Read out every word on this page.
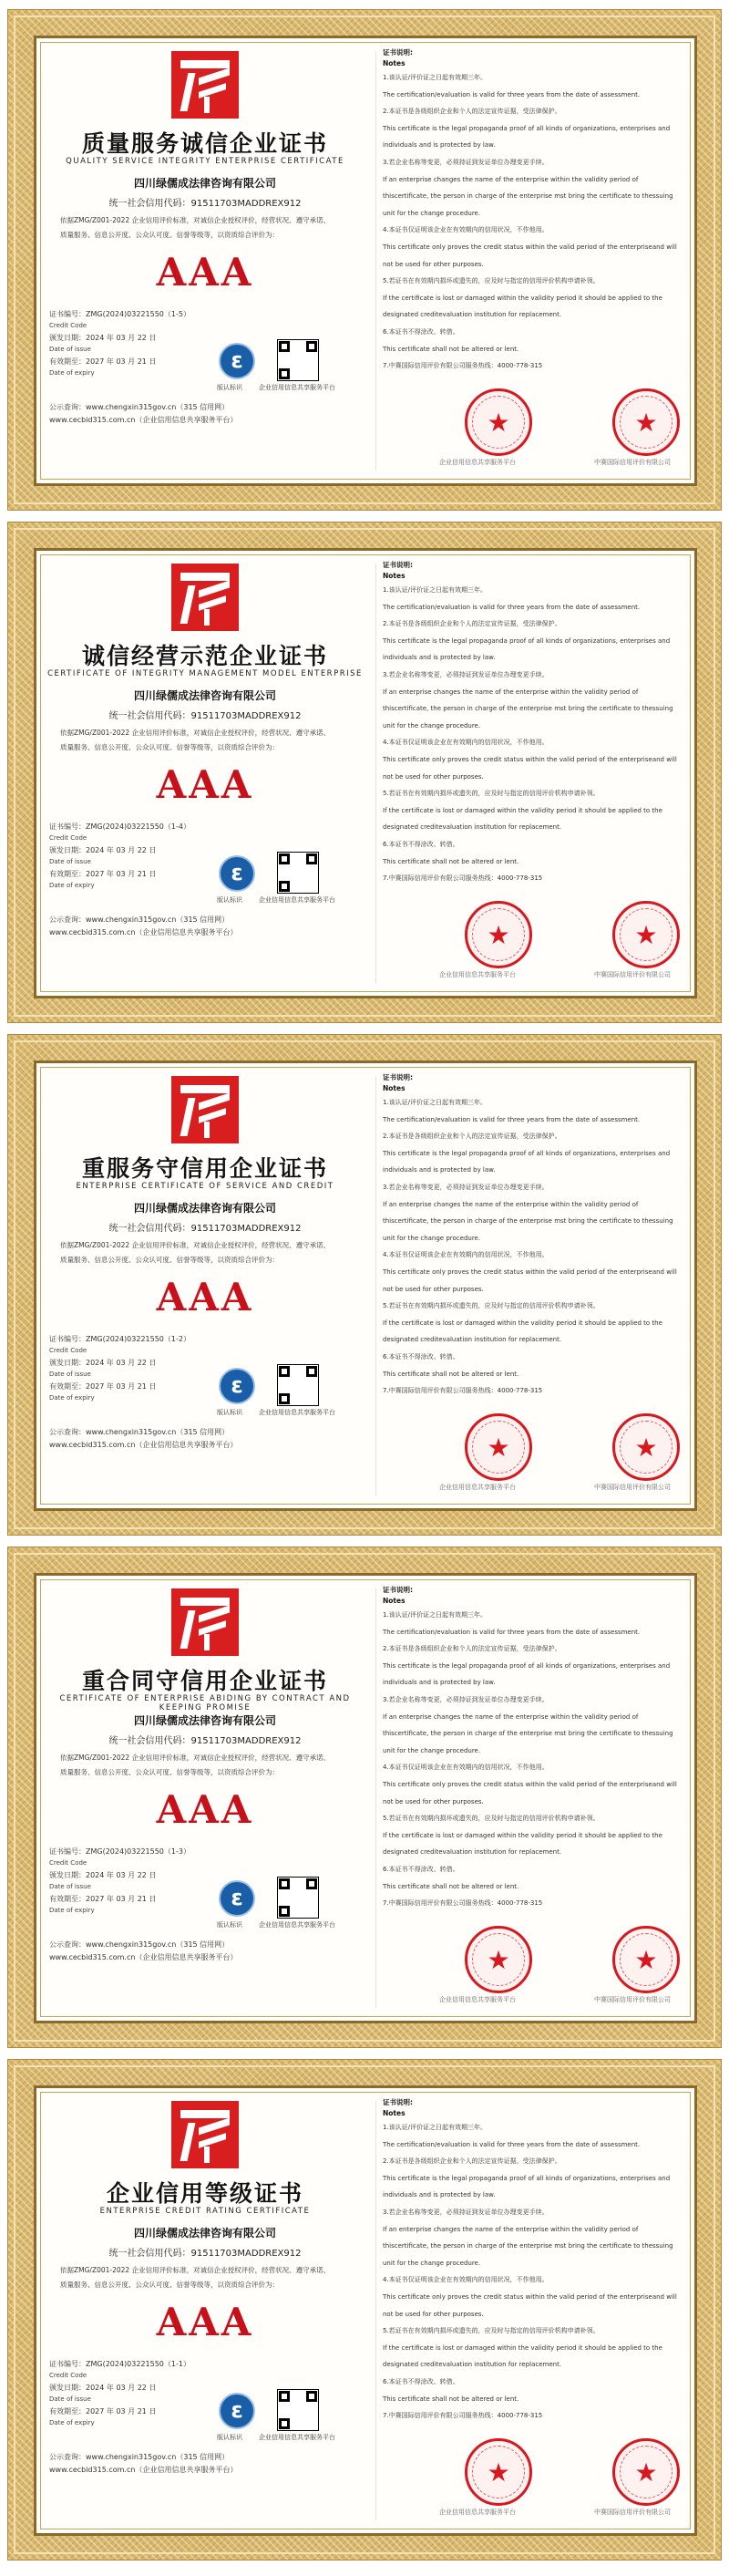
质量服务诚信企业证书
QUALITY SERVICE INTEGRITY ENTERPRISE CERTIFICATE
四川绿儒成法律咨询有限公司
统一社会信用代码：91511703MADDREX912
依据ZMG/Z001-2022 企业信用评价标准，对诚信企业授权评价，经营状况、遵守承诺、
质量服务、信息公开度、公众认可度、信誉等级等，以资质综合评价为：
AAA
证书编号：ZMG(2024)03221550（1-5）
Credit Code
颁发日期：2024 年 03 月 22 日
Date of issue
有效期至：2027 年 03 月 21 日
Date of expiry
ε
版认标识	企业信用信息共享服务平台
公示查询：www.chengxin315gov.cn（315 信用网）
www.cecbid315.com.cn（企业信用信息共享服务平台）
证书说明:
Notes
1.该认证/评价证之日起有效期三年。
The certification/evaluation is valid for three years from the date of assessment.
2.本证书是各级组织企业和个人的法定宣传证据，受法律保护。
This certificate is the legal propaganda proof of all kinds of organizations, enterprises and
individuals and is protected by law.
3.若企业名称等变更，必须持证到发证单位办理变更手续。
If an enterprise changes the name of the enterprise within the validity period of
thiscertificate, the person in charge of the enterprise mst bring the certificate to thessuing
unit for the change procedure.
4.本证书仅证明该企业在有效期内的信用状况，不作他用。
This certificate only proves the credit status within the valid period of the enterpriseand will
not be used for other purposes.
5.若证书在有效期内损坏或遗失的，应及时与指定的信用评价机构申请补领。
If the certificate is lost or damaged within the validity period it should be applied to the
designated creditevaluation institution for replacement.
6.本证书不得涂改、转借。
This certificate shall not be altered or lent.
7.中赛国际信用评价有限公司服务热线：4000-778-315
★	★
企业信用信息共享服务平台	中赛国际信用评价有限公司
诚信经营示范企业证书
CERTIFICATE OF INTEGRITY MANAGEMENT MODEL ENTERPRISE
四川绿儒成法律咨询有限公司
统一社会信用代码：91511703MADDREX912
依据ZMG/Z001-2022 企业信用评价标准，对诚信企业授权评价，经营状况、遵守承诺、
质量服务、信息公开度、公众认可度、信誉等级等，以资质综合评价为：
AAA
证书编号：ZMG(2024)03221550（1-4）
Credit Code
颁发日期：2024 年 03 月 22 日
Date of issue
有效期至：2027 年 03 月 21 日
Date of expiry
ε
版认标识	企业信用信息共享服务平台
公示查询：www.chengxin315gov.cn（315 信用网）
www.cecbid315.com.cn（企业信用信息共享服务平台）
证书说明:
Notes
1.该认证/评价证之日起有效期三年。
The certification/evaluation is valid for three years from the date of assessment.
2.本证书是各级组织企业和个人的法定宣传证据，受法律保护。
This certificate is the legal propaganda proof of all kinds of organizations, enterprises and
individuals and is protected by law.
3.若企业名称等变更，必须持证到发证单位办理变更手续。
If an enterprise changes the name of the enterprise within the validity period of
thiscertificate, the person in charge of the enterprise mst bring the certificate to thessuing
unit for the change procedure.
4.本证书仅证明该企业在有效期内的信用状况，不作他用。
This certificate only proves the credit status within the valid period of the enterpriseand will
not be used for other purposes.
5.若证书在有效期内损坏或遗失的，应及时与指定的信用评价机构申请补领。
If the certificate is lost or damaged within the validity period it should be applied to the
designated creditevaluation institution for replacement.
6.本证书不得涂改、转借。
This certificate shall not be altered or lent.
7.中赛国际信用评价有限公司服务热线：4000-778-315
★	★
企业信用信息共享服务平台	中赛国际信用评价有限公司
重服务守信用企业证书
ENTERPRISE CERTIFICATE OF SERVICE AND CREDIT
四川绿儒成法律咨询有限公司
统一社会信用代码：91511703MADDREX912
依据ZMG/Z001-2022 企业信用评价标准，对诚信企业授权评价，经营状况、遵守承诺、
质量服务、信息公开度、公众认可度、信誉等级等，以资质综合评价为：
AAA
证书编号：ZMG(2024)03221550（1-2）
Credit Code
颁发日期：2024 年 03 月 22 日
Date of issue
有效期至：2027 年 03 月 21 日
Date of expiry
ε
版认标识	企业信用信息共享服务平台
公示查询：www.chengxin315gov.cn（315 信用网）
www.cecbid315.com.cn（企业信用信息共享服务平台）
证书说明:
Notes
1.该认证/评价证之日起有效期三年。
The certification/evaluation is valid for three years from the date of assessment.
2.本证书是各级组织企业和个人的法定宣传证据，受法律保护。
This certificate is the legal propaganda proof of all kinds of organizations, enterprises and
individuals and is protected by law.
3.若企业名称等变更，必须持证到发证单位办理变更手续。
If an enterprise changes the name of the enterprise within the validity period of
thiscertificate, the person in charge of the enterprise mst bring the certificate to thessuing
unit for the change procedure.
4.本证书仅证明该企业在有效期内的信用状况，不作他用。
This certificate only proves the credit status within the valid period of the enterpriseand will
not be used for other purposes.
5.若证书在有效期内损坏或遗失的，应及时与指定的信用评价机构申请补领。
If the certificate is lost or damaged within the validity period it should be applied to the
designated creditevaluation institution for replacement.
6.本证书不得涂改、转借。
This certificate shall not be altered or lent.
7.中赛国际信用评价有限公司服务热线：4000-778-315
★	★
企业信用信息共享服务平台	中赛国际信用评价有限公司
重合同守信用企业证书
CERTIFICATE OF ENTERPRISE ABIDING BY CONTRACT AND KEEPING PROMISE
四川绿儒成法律咨询有限公司
统一社会信用代码：91511703MADDREX912
依据ZMG/Z001-2022 企业信用评价标准，对诚信企业授权评价，经营状况、遵守承诺、
质量服务、信息公开度、公众认可度、信誉等级等，以资质综合评价为：
AAA
证书编号：ZMG(2024)03221550（1-3）
Credit Code
颁发日期：2024 年 03 月 22 日
Date of issue
有效期至：2027 年 03 月 21 日
Date of expiry
ε
版认标识	企业信用信息共享服务平台
公示查询：www.chengxin315gov.cn（315 信用网）
www.cecbid315.com.cn（企业信用信息共享服务平台）
证书说明:
Notes
1.该认证/评价证之日起有效期三年。
The certification/evaluation is valid for three years from the date of assessment.
2.本证书是各级组织企业和个人的法定宣传证据，受法律保护。
This certificate is the legal propaganda proof of all kinds of organizations, enterprises and
individuals and is protected by law.
3.若企业名称等变更，必须持证到发证单位办理变更手续。
If an enterprise changes the name of the enterprise within the validity period of
thiscertificate, the person in charge of the enterprise mst bring the certificate to thessuing
unit for the change procedure.
4.本证书仅证明该企业在有效期内的信用状况，不作他用。
This certificate only proves the credit status within the valid period of the enterpriseand will
not be used for other purposes.
5.若证书在有效期内损坏或遗失的，应及时与指定的信用评价机构申请补领。
If the certificate is lost or damaged within the validity period it should be applied to the
designated creditevaluation institution for replacement.
6.本证书不得涂改、转借。
This certificate shall not be altered or lent.
7.中赛国际信用评价有限公司服务热线：4000-778-315
★	★
企业信用信息共享服务平台	中赛国际信用评价有限公司
企业信用等级证书
ENTERPRISE CREDIT RATING CERTIFICATE
四川绿儒成法律咨询有限公司
统一社会信用代码：91511703MADDREX912
依据ZMG/Z001-2022 企业信用评价标准，对诚信企业授权评价，经营状况、遵守承诺、
质量服务、信息公开度、公众认可度、信誉等级等，以资质综合评价为：
AAA
证书编号：ZMG(2024)03221550（1-1）
Credit Code
颁发日期：2024 年 03 月 22 日
Date of issue
有效期至：2027 年 03 月 21 日
Date of expiry
ε
版认标识	企业信用信息共享服务平台
公示查询：www.chengxin315gov.cn（315 信用网）
www.cecbid315.com.cn（企业信用信息共享服务平台）
证书说明:
Notes
1.该认证/评价证之日起有效期三年。
The certification/evaluation is valid for three years from the date of assessment.
2.本证书是各级组织企业和个人的法定宣传证据，受法律保护。
This certificate is the legal propaganda proof of all kinds of organizations, enterprises and
individuals and is protected by law.
3.若企业名称等变更，必须持证到发证单位办理变更手续。
If an enterprise changes the name of the enterprise within the validity period of
thiscertificate, the person in charge of the enterprise mst bring the certificate to thessuing
unit for the change procedure.
4.本证书仅证明该企业在有效期内的信用状况，不作他用。
This certificate only proves the credit status within the valid period of the enterpriseand will
not be used for other purposes.
5.若证书在有效期内损坏或遗失的，应及时与指定的信用评价机构申请补领。
If the certificate is lost or damaged within the validity period it should be applied to the
designated creditevaluation institution for replacement.
6.本证书不得涂改、转借。
This certificate shall not be altered or lent.
7.中赛国际信用评价有限公司服务热线：4000-778-315
★	★
企业信用信息共享服务平台	中赛国际信用评价有限公司
